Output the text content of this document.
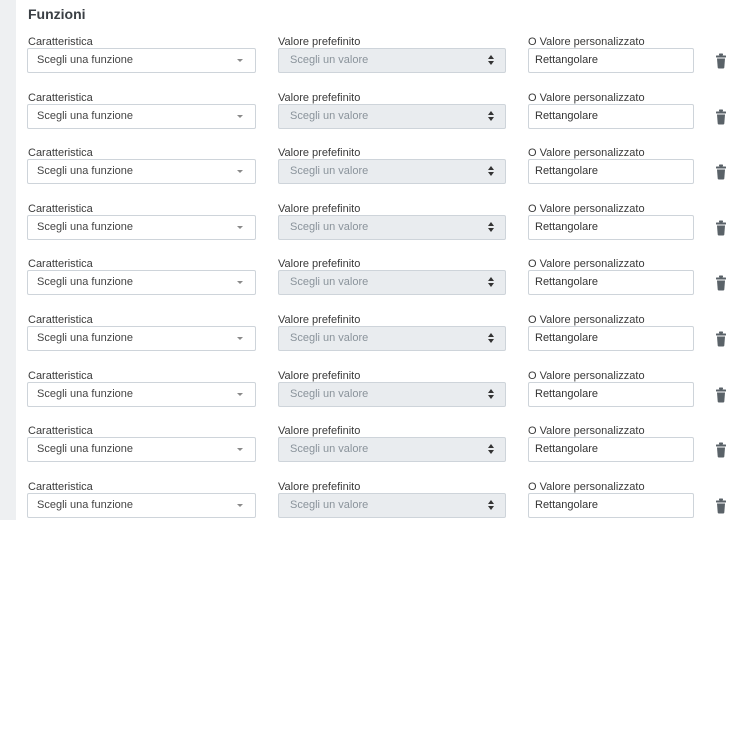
Funzioni
Caratteristica	Valore prefefinito	O Valore personalizzato
Scegli una funzione	Scegli un valore	Rettangolare
Caratteristica	Valore prefefinito	O Valore personalizzato
Scegli una funzione	Scegli un valore	Rettangolare
Caratteristica	Valore prefefinito	O Valore personalizzato
Scegli una funzione	Scegli un valore	Rettangolare
Caratteristica	Valore prefefinito	O Valore personalizzato
Scegli una funzione	Scegli un valore	Rettangolare
Caratteristica	Valore prefefinito	O Valore personalizzato
Scegli una funzione	Scegli un valore	Rettangolare
Caratteristica	Valore prefefinito	O Valore personalizzato
Scegli una funzione	Scegli un valore	Rettangolare
Caratteristica	Valore prefefinito	O Valore personalizzato
Scegli una funzione	Scegli un valore	Rettangolare
Caratteristica	Valore prefefinito	O Valore personalizzato
Scegli una funzione	Scegli un valore	Rettangolare
Caratteristica	Valore prefefinito	O Valore personalizzato
Scegli una funzione	Scegli un valore	Rettangolare
